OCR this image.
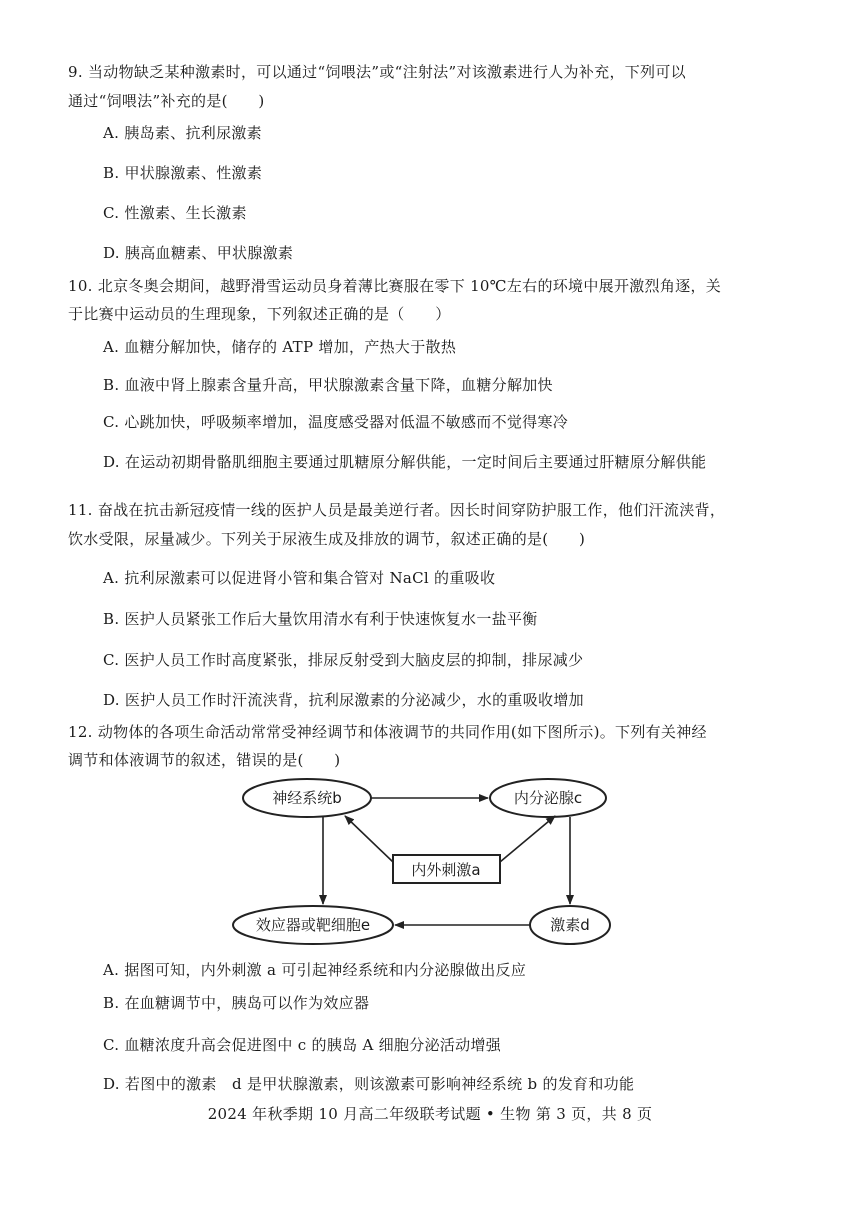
9. 当动物缺乏某种激素时，可以通过“饲喂法”或“注射法”对该激素进行人为补充，下列可以
通过“饲喂法”补充的是(　　)
A. 胰岛素、抗利尿激素
B. 甲状腺激素、性激素
C. 性激素、生长激素
D. 胰高血糖素、甲状腺激素
10. 北京冬奥会期间，越野滑雪运动员身着薄比赛服在零下 10℃左右的环境中展开激烈角逐，关
于比赛中运动员的生理现象，下列叙述正确的是（　　）
A. 血糖分解加快，储存的 ATP 增加，产热大于散热
B. 血液中肾上腺素含量升高，甲状腺激素含量下降，血糖分解加快
C. 心跳加快，呼吸频率增加，温度感受器对低温不敏感而不觉得寒冷
D. 在运动初期骨骼肌细胞主要通过肌糖原分解供能，一定时间后主要通过肝糖原分解供能
11. 奋战在抗击新冠疫情一线的医护人员是最美逆行者。因长时间穿防护服工作，他们汗流浃背，
饮水受限，尿量减少。下列关于尿液生成及排放的调节，叙述正确的是(　　)
A. 抗利尿激素可以促进肾小管和集合管对 NaCl 的重吸收
B. 医护人员紧张工作后大量饮用清水有利于快速恢复水一盐平衡
C. 医护人员工作时高度紧张，排尿反射受到大脑皮层的抑制，排尿减少
D. 医护人员工作时汗流浃背，抗利尿激素的分泌减少，水的重吸收增加
12. 动物体的各项生命活动常常受神经调节和体液调节的共同作用(如下图所示)。下列有关神经
调节和体液调节的叙述，错误的是(　　)
神经系统b	内分泌腺c
内外刺激a
效应器或靶细胞e	激素d
A. 据图可知，内外刺激 a 可引起神经系统和内分泌腺做出反应
B. 在血糖调节中，胰岛可以作为效应器
C. 血糖浓度升高会促进图中 c 的胰岛 A 细胞分泌活动增强
D. 若图中的激素　d 是甲状腺激素，则该激素可影响神经系统 b 的发育和功能
2024 年秋季期 10 月高二年级联考试题 • 生物 第 3 页，共 8 页
